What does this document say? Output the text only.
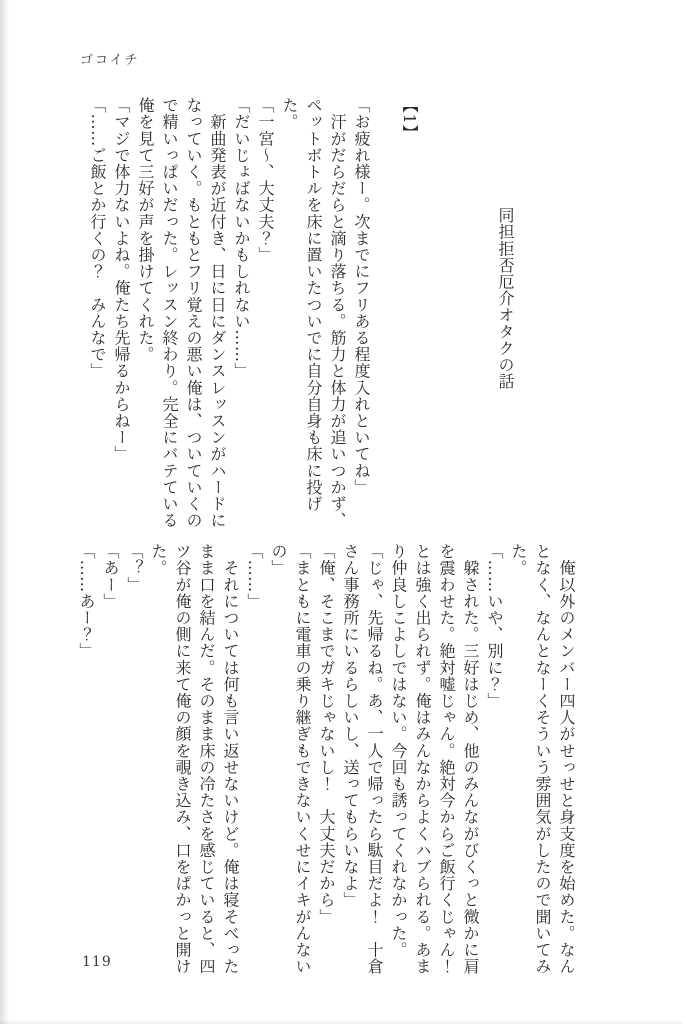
ゴコイチ
同担拒否厄介オタクの話
【1】
「お疲れ様ー。次までにフリある程度入れといてね」
　汗がだらだらと滴り落ちる。筋力と体力が追いつかず、
ペットボトルを床に置いたついでに自分自身も床に投げ
た。
「一宮〜、大丈夫？」
「だいじょばないかもしれない……」
　新曲発表が近付き、日に日にダンスレッスンがハードに
なっていく。もともとフリ覚えの悪い俺は、ついていくの
で精いっぱいだった。レッスン終わり。完全にバテている
俺を見て三好が声を掛けてくれた。
「マジで体力ないよね。俺たち先帰るからねー」
「……ご飯とか行くの？　みんなで」
　俺以外のメンバー四人がせっせと身支度を始めた。なん
となく、なんとなーくそういう雰囲気がしたので聞いてみ
た。
「……いや、別に？」
　躱された。三好はじめ、他のみんながびくっと微かに肩
を震わせた。絶対嘘じゃん。絶対今からご飯行くじゃん！
とは強く出られず。俺はみんなからよくハブられる。あま
り仲良しこよしではない。今回も誘ってくれなかった。
「じゃ、先帰るね。あ、一人で帰ったら駄目だよ！　十倉
さん事務所にいるらしいし、送ってもらいなよ」
「俺、そこまでガキじゃないし！　大丈夫だから」
「まともに電車の乗り継ぎもできないくせにイキがんない
の」
「……」
　それについては何も言い返せないけど。俺は寝そべった
まま口を結んだ。そのまま床の冷たさを感じていると、四
ツ谷が俺の側に来て俺の顔を覗き込み、口をぱかっと開け
た。
「？」
「あー」
「……あー？」
119
